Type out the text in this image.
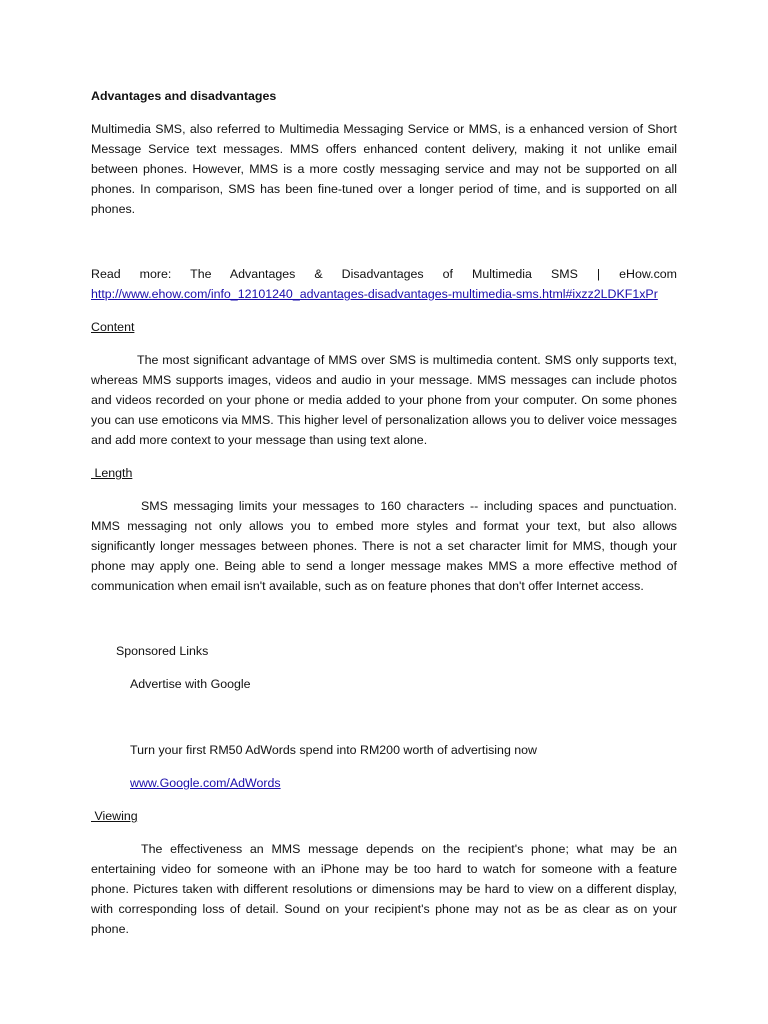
Advantages and disadvantages

Multimedia SMS, also referred to Multimedia Messaging Service or MMS, is a enhanced version of Short Message Service text messages. MMS offers enhanced content delivery, making it not unlike email between phones. However, MMS is a more costly messaging service and may not be supported on all phones. In comparison, SMS has been fine-tuned over a longer period of time, and is supported on all phones.

Read more: The Advantages & Disadvantages of Multimedia SMS | eHow.com

http://www.ehow.com/info_12101240_advantages-disadvantages-multimedia-sms.html#ixzz2LDKF1xPr

Content

The most significant advantage of MMS over SMS is multimedia content. SMS only supports text, whereas MMS supports images, videos and audio in your message. MMS messages can include photos and videos recorded on your phone or media added to your phone from your computer. On some phones you can use emoticons via MMS. This higher level of personalization allows you to deliver voice messages and add more context to your message than using text alone.

Length

SMS messaging limits your messages to 160 characters -- including spaces and punctuation. MMS messaging not only allows you to embed more styles and format your text, but also allows significantly longer messages between phones. There is not a set character limit for MMS, though your phone may apply one. Being able to send a longer message makes MMS a more effective method of communication when email isn't available, such as on feature phones that don't offer Internet access.

Sponsored Links

Advertise with Google

Turn your first RM50 AdWords spend into RM200 worth of advertising now

www.Google.com/AdWords

Viewing

The effectiveness an MMS message depends on the recipient's phone; what may be an entertaining video for someone with an iPhone may be too hard to watch for someone with a feature phone. Pictures taken with different resolutions or dimensions may be hard to view on a different display, with corresponding loss of detail. Sound on your recipient's phone may not as be as clear as on your phone.
